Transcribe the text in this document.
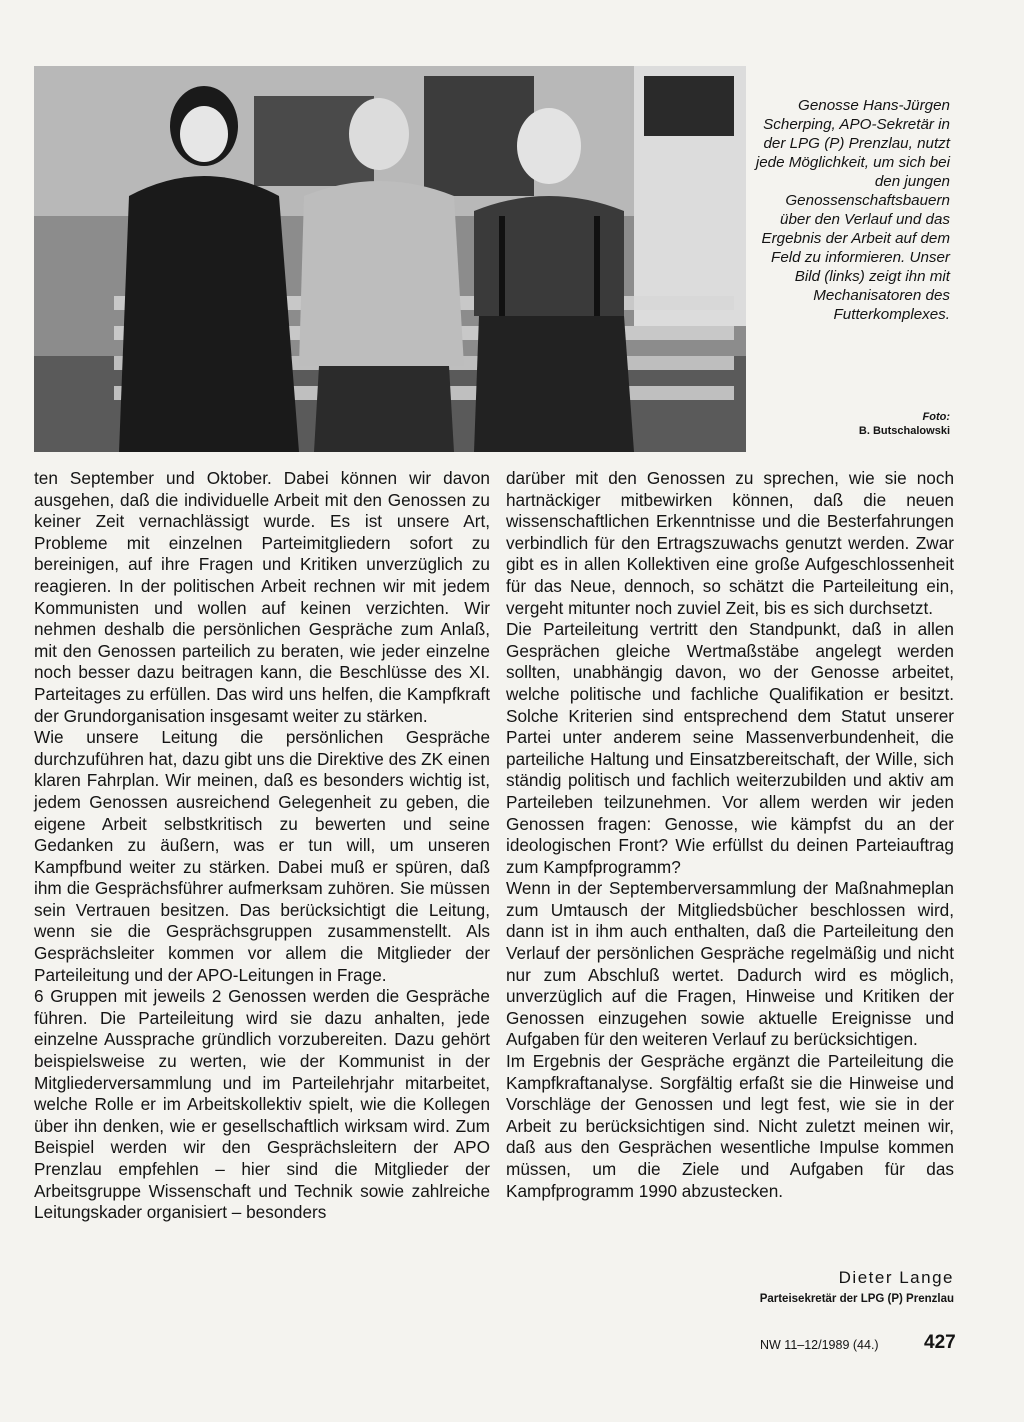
Genosse Hans-Jürgen Scherping, APO-Sekretär in der LPG (P) Prenzlau, nutzt jede Möglichkeit, um sich bei den jungen Genossenschaftsbauern über den Verlauf und das Ergebnis der Arbeit auf dem Feld zu informieren. Unser Bild (links) zeigt ihn mit Mechanisatoren des Futterkomplexes.

Foto:
B. Butschalowski

ten September und Oktober. Dabei können wir davon ausgehen, daß die individuelle Arbeit mit den Genossen zu keiner Zeit vernachlässigt wurde. Es ist unsere Art, Probleme mit einzelnen Parteimitgliedern sofort zu bereinigen, auf ihre Fragen und Kritiken unverzüglich zu reagieren. In der politischen Arbeit rechnen wir mit jedem Kommunisten und wollen auf keinen verzichten. Wir nehmen deshalb die persönlichen Gespräche zum Anlaß, mit den Genossen parteilich zu beraten, wie jeder einzelne noch besser dazu beitragen kann, die Beschlüsse des XI. Parteitages zu erfüllen. Das wird uns helfen, die Kampfkraft der Grundorganisation insgesamt weiter zu stärken.

Wie unsere Leitung die persönlichen Gespräche durchzuführen hat, dazu gibt uns die Direktive des ZK einen klaren Fahrplan. Wir meinen, daß es besonders wichtig ist, jedem Genossen ausreichend Gelegenheit zu geben, die eigene Arbeit selbstkritisch zu bewerten und seine Gedanken zu äußern, was er tun will, um unseren Kampfbund weiter zu stärken. Dabei muß er spüren, daß ihm die Gesprächsführer aufmerksam zuhören. Sie müssen sein Vertrauen besitzen. Das berücksichtigt die Leitung, wenn sie die Gesprächsgruppen zusammenstellt. Als Gesprächsleiter kommen vor allem die Mitglieder der Parteileitung und der APO-Leitungen in Frage.

6 Gruppen mit jeweils 2 Genossen werden die Gespräche führen. Die Parteileitung wird sie dazu anhalten, jede einzelne Aussprache gründlich vorzubereiten. Dazu gehört beispielsweise zu werten, wie der Kommunist in der Mitgliederversammlung und im Parteilehrjahr mitarbeitet, welche Rolle er im Arbeitskollektiv spielt, wie die Kollegen über ihn denken, wie er gesellschaftlich wirksam wird. Zum Beispiel werden wir den Gesprächsleitern der APO Prenzlau empfehlen – hier sind die Mitglieder der Arbeitsgruppe Wissenschaft und Technik sowie zahlreiche Leitungskader organisiert – besonders

darüber mit den Genossen zu sprechen, wie sie noch hartnäckiger mitbewirken können, daß die neuen wissenschaftlichen Erkenntnisse und die Besterfahrungen verbindlich für den Ertragszuwachs genutzt werden. Zwar gibt es in allen Kollektiven eine große Aufgeschlossenheit für das Neue, dennoch, so schätzt die Parteileitung ein, vergeht mitunter noch zuviel Zeit, bis es sich durchsetzt.

Die Parteileitung vertritt den Standpunkt, daß in allen Gesprächen gleiche Wertmaßstäbe angelegt werden sollten, unabhängig davon, wo der Genosse arbeitet, welche politische und fachliche Qualifikation er besitzt. Solche Kriterien sind entsprechend dem Statut unserer Partei unter anderem seine Massenverbundenheit, die parteiliche Haltung und Einsatzbereitschaft, der Wille, sich ständig politisch und fachlich weiterzubilden und aktiv am Parteileben teilzunehmen. Vor allem werden wir jeden Genossen fragen: Genosse, wie kämpfst du an der ideologischen Front? Wie erfüllst du deinen Parteiauftrag zum Kampfprogramm?

Wenn in der Septemberversammlung der Maßnahmeplan zum Umtausch der Mitgliedsbücher beschlossen wird, dann ist in ihm auch enthalten, daß die Parteileitung den Verlauf der persönlichen Gespräche regelmäßig und nicht nur zum Abschluß wertet. Dadurch wird es möglich, unverzüglich auf die Fragen, Hinweise und Kritiken der Genossen einzugehen sowie aktuelle Ereignisse und Aufgaben für den weiteren Verlauf zu berücksichtigen.

Im Ergebnis der Gespräche ergänzt die Parteileitung die Kampfkraftanalyse. Sorgfältig erfaßt sie die Hinweise und Vorschläge der Genossen und legt fest, wie sie in der Arbeit zu berücksichtigen sind. Nicht zuletzt meinen wir, daß aus den Gesprächen wesentliche Impulse kommen müssen, um die Ziele und Aufgaben für das Kampfprogramm 1990 abzustecken.

Dieter Lange
Parteisekretär der LPG (P) Prenzlau
NW 11–12/1989 (44.) 427
